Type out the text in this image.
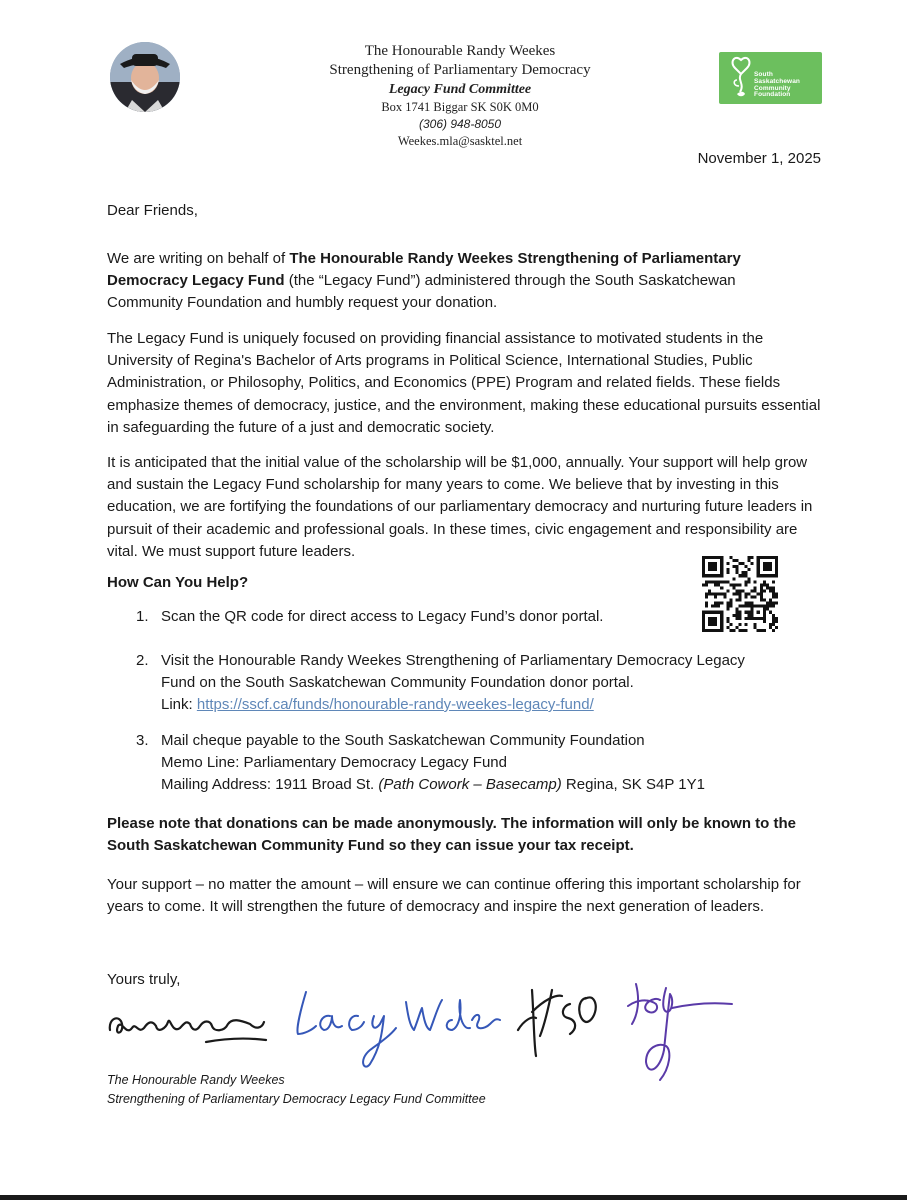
The Honourable Randy Weekes
Strengthening of Parliamentary Democracy
Legacy Fund Committee
Box 1741 Biggar SK S0K 0M0
(306) 948-8050
Weekes.mla@sasktel.net
South
Saskatchewan
Community
Foundation
November 1, 2025

Dear Friends,

We are writing on behalf of The Honourable Randy Weekes Strengthening of Parliamentary Democracy Legacy Fund (the “Legacy Fund”) administered through the South Saskatchewan Community Foundation and humbly request your donation.

The Legacy Fund is uniquely focused on providing financial assistance to motivated students in the University of Regina's Bachelor of Arts programs in Political Science, International Studies, Public Administration, or Philosophy, Politics, and Economics (PPE) Program and related fields. These fields emphasize themes of democracy, justice, and the environment, making these educational pursuits essential in safeguarding the future of a just and democratic society.

It is anticipated that the initial value of the scholarship will be $1,000, annually. Your support will help grow and sustain the Legacy Fund scholarship for many years to come. We believe that by investing in this education, we are fortifying the foundations of our parliamentary democracy and nurturing future leaders in pursuit of their academic and professional goals. In these times, civic engagement and responsibility are vital. We must support future leaders.

How Can You Help?

1. Scan the QR code for direct access to Legacy Fund’s donor portal.
2. Visit the Honourable Randy Weekes Strengthening of Parliamentary Democracy Legacy
Fund on the South Saskatchewan Community Foundation donor portal.
Link: https://sscf.ca/funds/honourable-randy-weekes-legacy-fund/
3. Mail cheque payable to the South Saskatchewan Community Foundation
Memo Line: Parliamentary Democracy Legacy Fund
Mailing Address: 1911 Broad St. (Path Cowork – Basecamp) Regina, SK S4P 1Y1

Please note that donations can be made anonymously. The information will only be known to the South Saskatchewan Community Fund so they can issue your tax receipt.

Your support – no matter the amount – will ensure we can continue offering this important scholarship for years to come. It will strengthen the future of democracy and inspire the next generation of leaders.

Yours truly,
The Honourable Randy Weekes
Strengthening of Parliamentary Democracy Legacy Fund Committee
